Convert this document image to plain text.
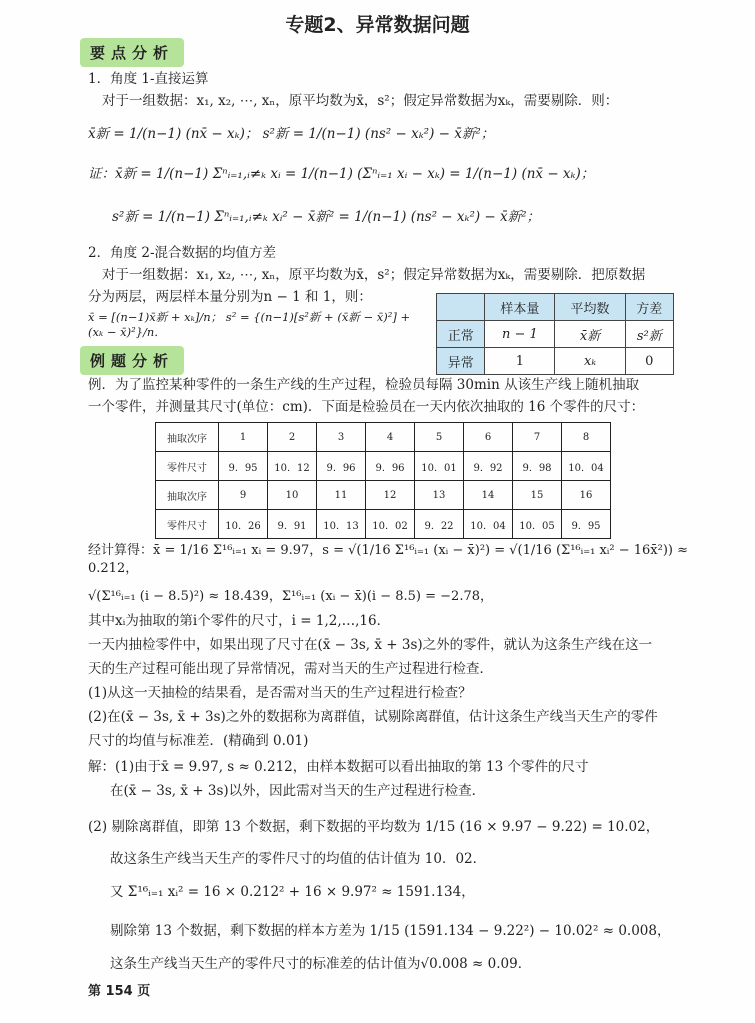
专题2、异常数据问题
要点分析
1．角度 1-直接运算
对于一组数据：x₁, x₂, ⋯, xₙ，原平均数为x̄，s²；假定异常数据为xₖ，需要剔除．则：
x̄新 = 1/(n−1) (nx̄ − xₖ)； s²新 = 1/(n−1) (ns² − xₖ²) − x̄新²；
证：x̄新 = 1/(n−1) Σⁿᵢ₌₁,ᵢ≠ₖ xᵢ = 1/(n−1) (Σⁿᵢ₌₁ xᵢ − xₖ) = 1/(n−1) (nx̄ − xₖ)；
s²新 = 1/(n−1) Σⁿᵢ₌₁,ᵢ≠ₖ xᵢ² − x̄新² = 1/(n−1) (ns² − xₖ²) − x̄新²；
2．角度 2-混合数据的均值方差
对于一组数据：x₁, x₂, ⋯, xₙ，原平均数为x̄，s²；假定异常数据为xₖ，需要剔除．把原数据
分为两层，两层样本量分别为n − 1 和 1，则：
x̄ = [(n−1)x̄新 + xₖ]/n； s² = {(n−1)[s²新 + (x̄新 − x̄)²] + (xₖ − x̄)²}/n．
	样本量	平均数	方差
正常	n − 1	x̄新	s²新
异常	1	xₖ	0
例题分析
例．为了监控某种零件的一条生产线的生产过程，检验员每隔 30min 从该生产线上随机抽取
一个零件，并测量其尺寸(单位：cm)．下面是检验员在一天内依次抽取的 16 个零件的尺寸：
抽取次序	1	2	3	4	5	6	7	8
零件尺寸	9．95	10．12	9．96	9．96	10．01	9．92	9．98	10．04
抽取次序	9	10	11	12	13	14	15	16
零件尺寸	10．26	9．91	10．13	10．02	9．22	10．04	10．05	9．95
经计算得：x̄ = 1/16 Σ¹⁶ᵢ₌₁ xᵢ = 9.97，s = √(1/16 Σ¹⁶ᵢ₌₁ (xᵢ − x̄)²) = √(1/16 (Σ¹⁶ᵢ₌₁ xᵢ² − 16x̄²)) ≈ 0.212，
√(Σ¹⁶ᵢ₌₁ (i − 8.5)²) ≈ 18.439，Σ¹⁶ᵢ₌₁ (xᵢ − x̄)(i − 8.5) = −2.78，
其中xᵢ为抽取的第i个零件的尺寸，i = 1,2,…,16．
一天内抽检零件中，如果出现了尺寸在(x̄ − 3s, x̄ + 3s)之外的零件，就认为这条生产线在这一
天的生产过程可能出现了异常情况，需对当天的生产过程进行检查．
(1)从这一天抽检的结果看，是否需对当天的生产过程进行检查？
(2)在(x̄ − 3s, x̄ + 3s)之外的数据称为离群值，试剔除离群值，估计这条生产线当天生产的零件
尺寸的均值与标准差．(精确到 0.01)
解：(1)由于x̄ = 9.97, s ≈ 0.212，由样本数据可以看出抽取的第 13 个零件的尺寸
在(x̄ − 3s, x̄ + 3s)以外，因此需对当天的生产过程进行检查．
(2) 剔除离群值，即第 13 个数据，剩下数据的平均数为 1/15 (16 × 9.97 − 9.22) = 10.02，
故这条生产线当天生产的零件尺寸的均值的估计值为 10．02．
又 Σ¹⁶ᵢ₌₁ xᵢ² = 16 × 0.212² + 16 × 9.97² ≈ 1591.134，
剔除第 13 个数据，剩下数据的样本方差为 1/15 (1591.134 − 9.22²) − 10.02² ≈ 0.008，
这条生产线当天生产的零件尺寸的标准差的估计值为√0.008 ≈ 0.09．
第 154 页
